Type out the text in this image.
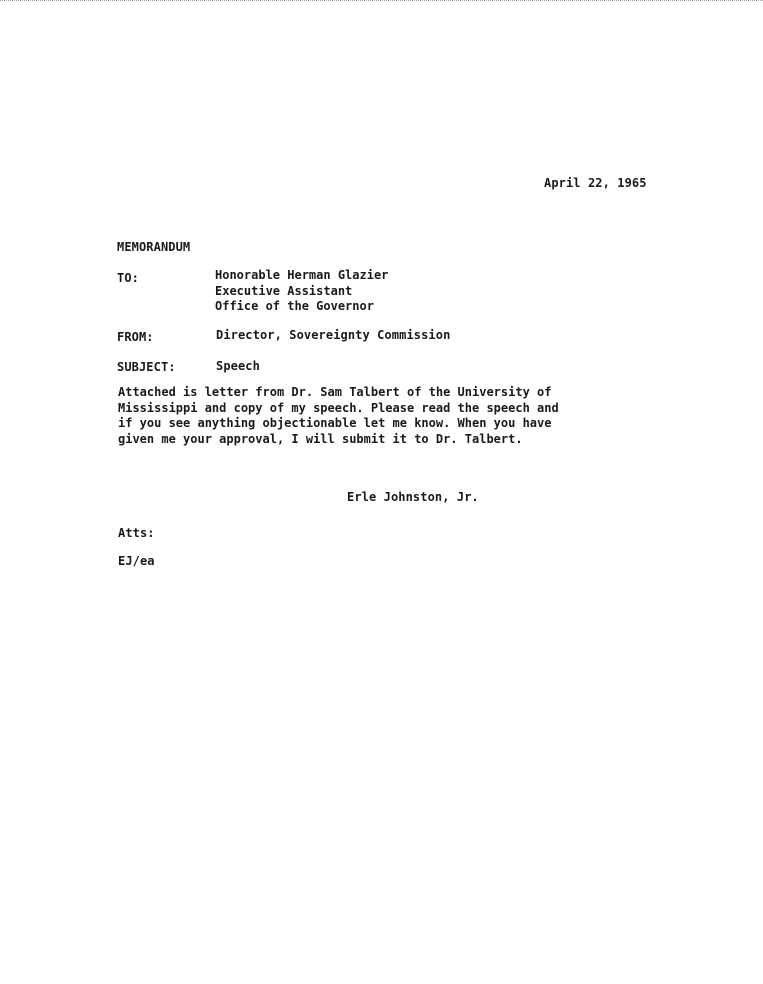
April 22, 1965
MEMORANDUM
TO:	Honorable Herman Glazier
Executive Assistant
Office of the Governor
FROM:	Director, Sovereignty Commission
SUBJECT:	Speech
Attached is letter from Dr. Sam Talbert of the University of
Mississippi and copy of my speech. Please read the speech and
if you see anything objectionable let me know. When you have
given me your approval, I will submit it to Dr. Talbert.
Erle Johnston, Jr.
Atts:
EJ/ea
